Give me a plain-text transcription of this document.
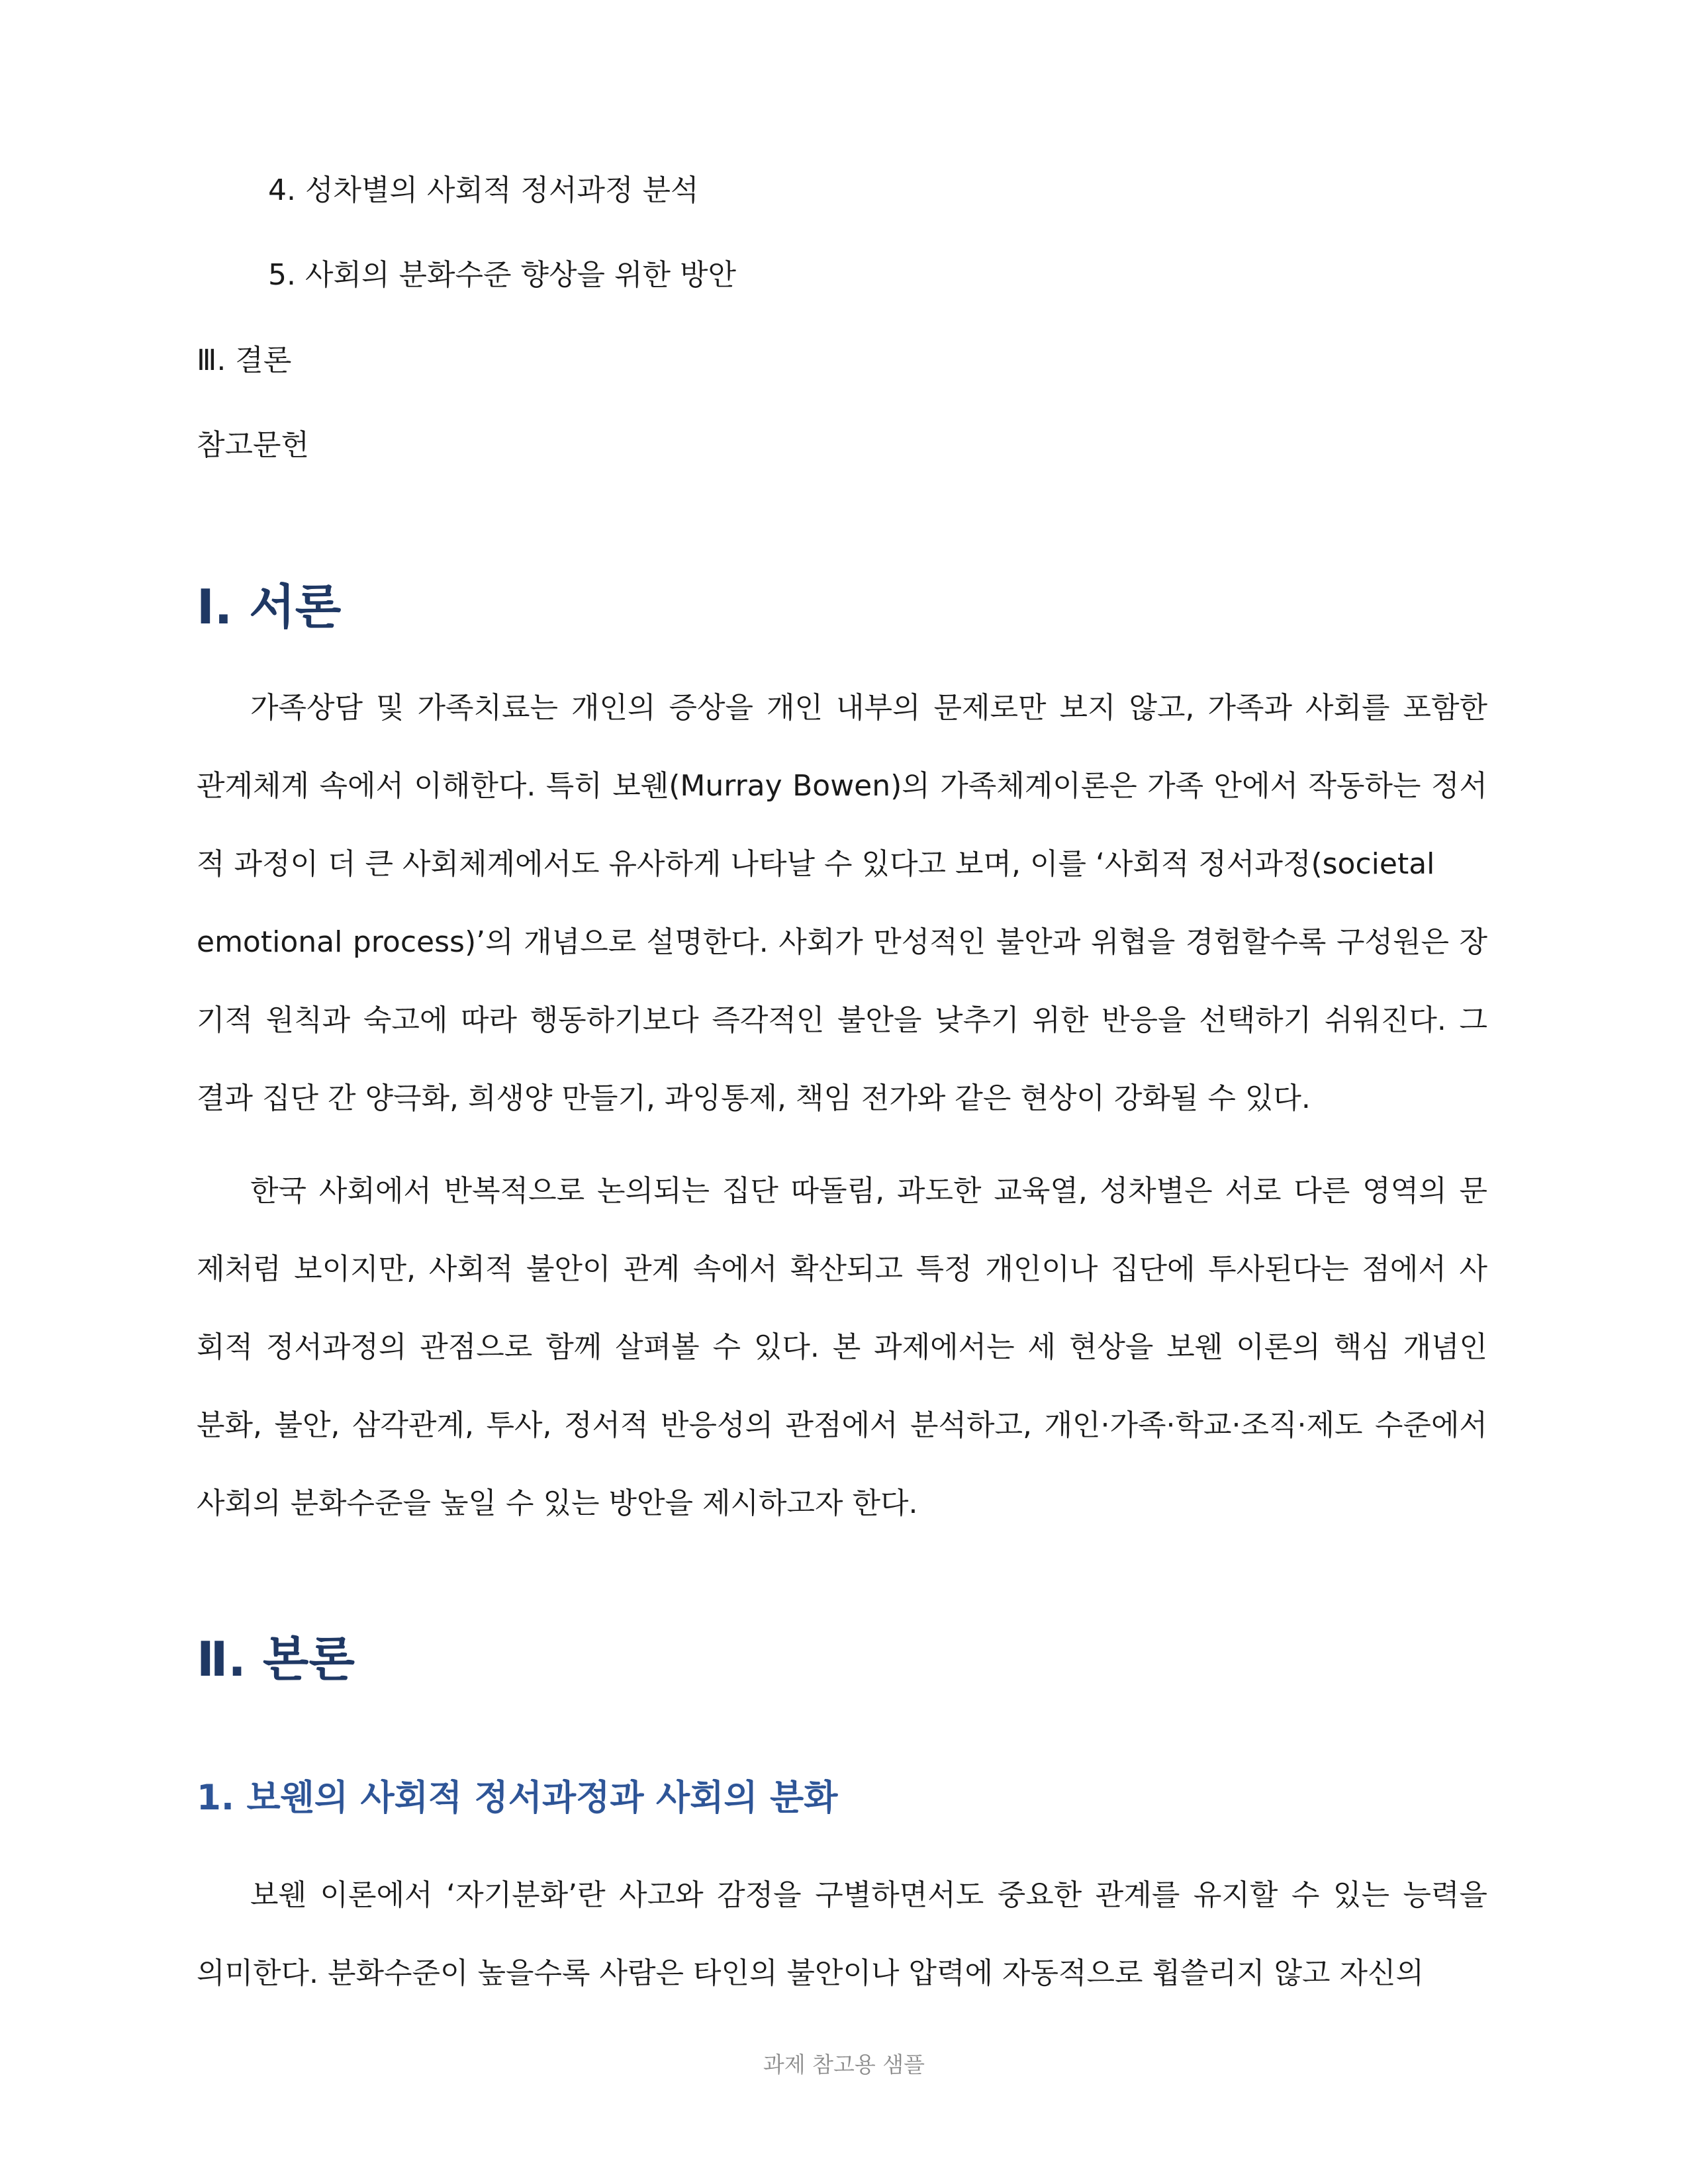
4. 성차별의 사회적 정서과정 분석
5. 사회의 분화수준 향상을 위한 방안
Ⅲ. 결론
참고문헌
Ⅰ. 서론
가족상담 및 가족치료는 개인의 증상을 개인 내부의 문제로만 보지 않고, 가족과 사회를 포함한
관계체계 속에서 이해한다. 특히 보웬(Murray Bowen)의 가족체계이론은 가족 안에서 작동하는 정서
적 과정이 더 큰 사회체계에서도 유사하게 나타날 수 있다고 보며, 이를 ‘사회적 정서과정(societal
emotional process)’의 개념으로 설명한다. 사회가 만성적인 불안과 위협을 경험할수록 구성원은 장
기적 원칙과 숙고에 따라 행동하기보다 즉각적인 불안을 낮추기 위한 반응을 선택하기 쉬워진다. 그
결과 집단 간 양극화, 희생양 만들기, 과잉통제, 책임 전가와 같은 현상이 강화될 수 있다.
한국 사회에서 반복적으로 논의되는 집단 따돌림, 과도한 교육열, 성차별은 서로 다른 영역의 문
제처럼 보이지만, 사회적 불안이 관계 속에서 확산되고 특정 개인이나 집단에 투사된다는 점에서 사
회적 정서과정의 관점으로 함께 살펴볼 수 있다. 본 과제에서는 세 현상을 보웬 이론의 핵심 개념인
분화, 불안, 삼각관계, 투사, 정서적 반응성의 관점에서 분석하고, 개인·가족·학교·조직·제도 수준에서
사회의 분화수준을 높일 수 있는 방안을 제시하고자 한다.
Ⅱ. 본론
1. 보웬의 사회적 정서과정과 사회의 분화
보웬 이론에서 ‘자기분화’란 사고와 감정을 구별하면서도 중요한 관계를 유지할 수 있는 능력을
의미한다. 분화수준이 높을수록 사람은 타인의 불안이나 압력에 자동적으로 휩쓸리지 않고 자신의
과제 참고용 샘플
